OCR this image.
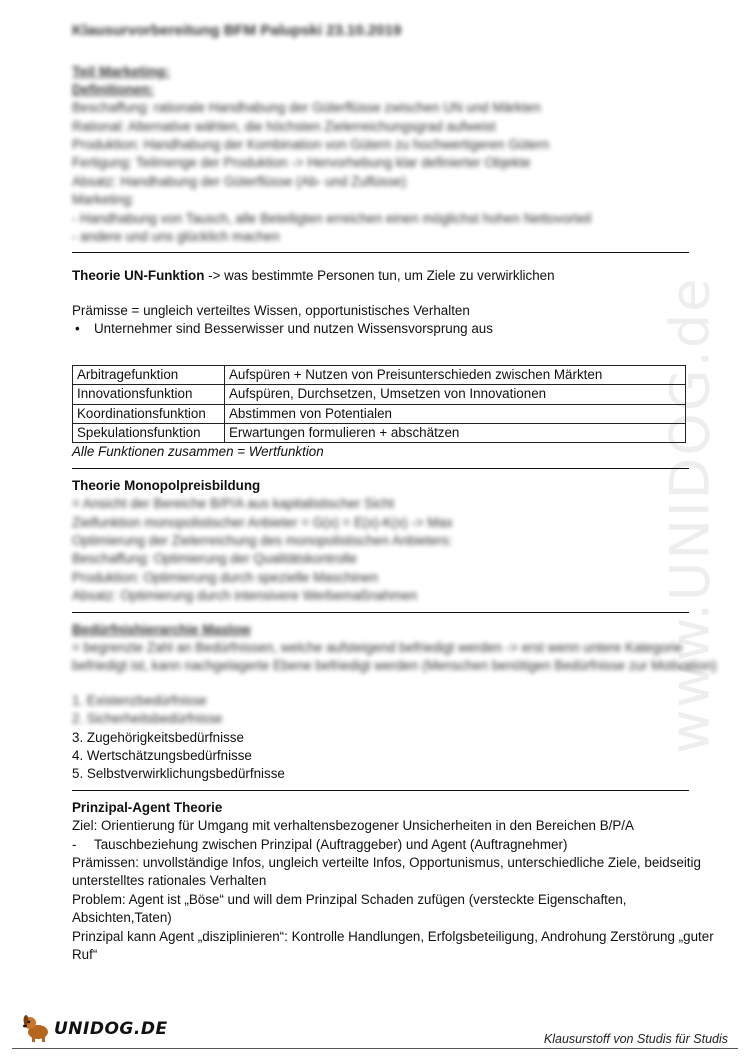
www.UNIDOG.de
Klausurvorbereitung BFM Palupski 23.10.2019
Teil Marketing:
Definitionen:
Beschaffung: rationale Handhabung der Güterflüsse zwischen UN und Märkten
Rational: Alternative wählen, die höchsten Zielerreichungsgrad aufweist
Produktion: Handhabung der Kombination von Gütern zu hochwertigeren Gütern
Fertigung: Teilmenge der Produktion -> Hervorhebung klar definierter Objekte
Absatz: Handhabung der Güterflüsse (Ab- und Zuflüsse)
Marketing:
- Handhabung von Tausch, alle Beteiligten erreichen einen möglichst hohen Nettovorteil
- andere und uns glücklich machen
Theorie UN-Funktion -> was bestimmte Personen tun, um Ziele zu verwirklichen
Prämisse = ungleich verteiltes Wissen, opportunistisches Verhalten
•	Unternehmer sind Besserwisser und nutzen Wissensvorsprung aus
Arbitragefunktion	Aufspüren + Nutzen von Preisunterschieden zwischen Märkten
Innovationsfunktion	Aufspüren, Durchsetzen, Umsetzen von Innovationen
Koordinationsfunktion	Abstimmen von Potentialen
Spekulationsfunktion	Erwartungen formulieren + abschätzen
Alle Funktionen zusammen = Wertfunktion
Theorie Monopolpreisbildung
= Ansicht der Bereiche B/P/A aus kapitalistischer Sicht
Zielfunktion monopolistischer Anbieter = G(x) = E(x)-K(x) -> Max
Optimierung der Zielerreichung des monopolistischen Anbieters:
Beschaffung: Optimierung der Qualitätskontrolle
Produktion: Optimierung durch spezielle Maschinen
Absatz: Optimierung durch intensivere Werbemaßnahmen
Bedürfnishierarchie Maslow
= begrenzte Zahl an Bedürfnissen, welche aufsteigend befriedigt werden -> erst wenn untere Kategorie befriedigt ist, kann nachgelagerte Ebene befriedigt werden (Menschen benötigen Bedürfnisse zur Motivation)
1. Existenzbedürfnisse
2. Sicherheitsbedürfnisse
3. Zugehörigkeitsbedürfnisse
4. Wertschätzungsbedürfnisse
5. Selbstverwirklichungsbedürfnisse
Prinzipal-Agent Theorie
Ziel: Orientierung für Umgang mit verhaltensbezogener Unsicherheiten in den Bereichen B/P/A
-	Tauschbeziehung zwischen Prinzipal (Auftraggeber) und Agent (Auftragnehmer)
Prämissen: unvollständige Infos, ungleich verteilte Infos, Opportunismus, unterschiedliche Ziele, beidseitig unterstelltes rationales Verhalten
Problem: Agent ist „Böse“ und will dem Prinzipal Schaden zufügen (versteckte Eigenschaften, Absichten,Taten)
Prinzipal kann Agent „disziplinieren“: Kontrolle Handlungen, Erfolgsbeteiligung, Androhung Zerstörung „guter Ruf“
UNIDOG.DE
Klausurstoff von Studis für Studis
